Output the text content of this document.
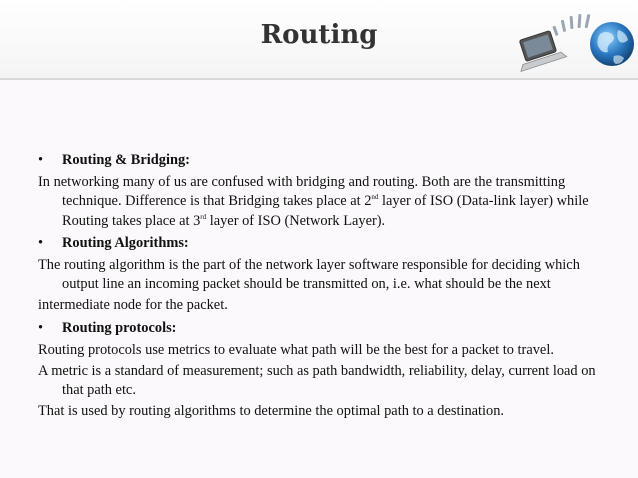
Routing
•	Routing & Bridging:

In networking many of us are confused with bridging and routing. Both are the transmitting technique. Difference is that Bridging takes place at 2nd layer of ISO (Data-link layer) while Routing takes place at 3rd layer of ISO (Network Layer).

•	Routing Algorithms:

The routing algorithm is the part of the network layer software responsible for deciding which output line an incoming packet should be transmitted on, i.e. what should be the next

intermediate node for the packet.

•	Routing protocols:

Routing protocols use metrics to evaluate what path will be the best for a packet to travel.

A metric is a standard of measurement; such as path bandwidth, reliability, delay, current load on that path etc.

That is used by routing algorithms to determine the optimal path to a destination.
